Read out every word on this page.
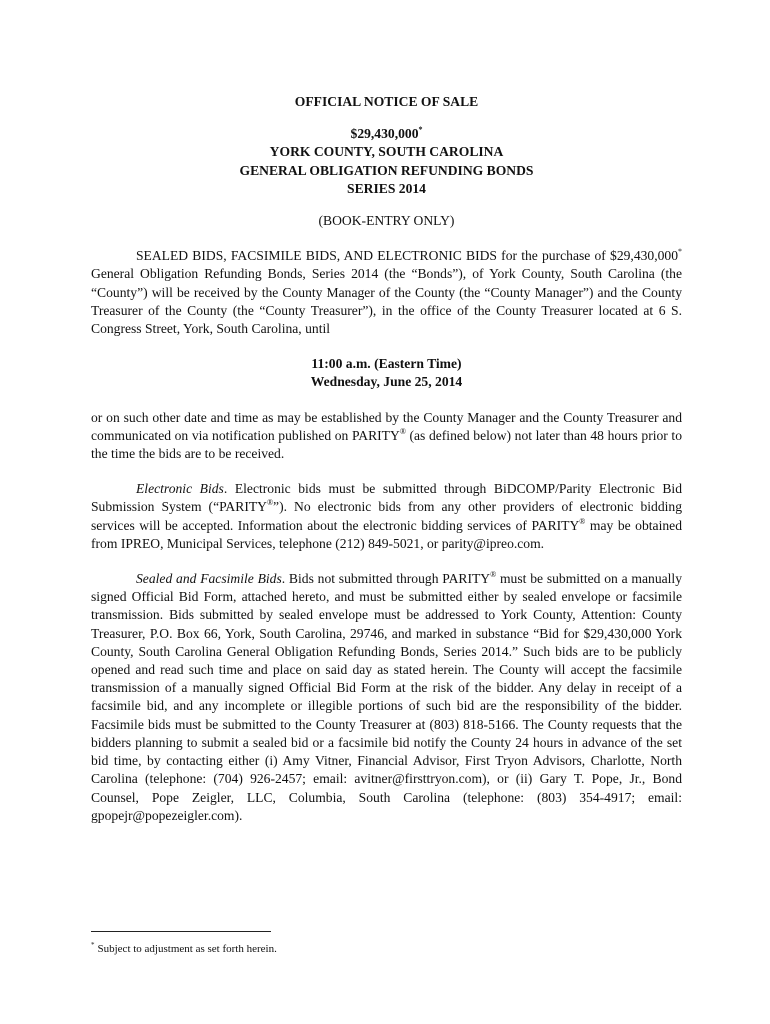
OFFICIAL NOTICE OF SALE
$29,430,000*
YORK COUNTY, SOUTH CAROLINA
GENERAL OBLIGATION REFUNDING BONDS
SERIES 2014
(BOOK-ENTRY ONLY)

SEALED BIDS, FACSIMILE BIDS, AND ELECTRONIC BIDS for the purchase of $29,430,000* General Obligation Refunding Bonds, Series 2014 (the “Bonds”), of York County, South Carolina (the “County”) will be received by the County Manager of the County (the “County Manager”) and the County Treasurer of the County (the “County Treasurer”), in the office of the County Treasurer located at 6 S. Congress Street, York, South Carolina, until

11:00 a.m. (Eastern Time)
Wednesday, June 25, 2014

or on such other date and time as may be established by the County Manager and the County Treasurer and communicated on via notification published on PARITY® (as defined below) not later than 48 hours prior to the time the bids are to be received.

Electronic Bids. Electronic bids must be submitted through BiDCOMP/Parity Electronic Bid Submission System (“PARITY®”). No electronic bids from any other providers of electronic bidding services will be accepted. Information about the electronic bidding services of PARITY® may be obtained from IPREO, Municipal Services, telephone (212) 849-5021, or parity@ipreo.com.

Sealed and Facsimile Bids. Bids not submitted through PARITY® must be submitted on a manually signed Official Bid Form, attached hereto, and must be submitted either by sealed envelope or facsimile transmission. Bids submitted by sealed envelope must be addressed to York County, Attention: County Treasurer, P.O. Box 66, York, South Carolina, 29746, and marked in substance “Bid for $29,430,000 York County, South Carolina General Obligation Refunding Bonds, Series 2014.” Such bids are to be publicly opened and read such time and place on said day as stated herein. The County will accept the facsimile transmission of a manually signed Official Bid Form at the risk of the bidder. Any delay in receipt of a facsimile bid, and any incomplete or illegible portions of such bid are the responsibility of the bidder. Facsimile bids must be submitted to the County Treasurer at (803) 818-5166. The County requests that the bidders planning to submit a sealed bid or a facsimile bid notify the County 24 hours in advance of the set bid time, by contacting either (i) Amy Vitner, Financial Advisor, First Tryon Advisors, Charlotte, North Carolina (telephone: (704) 926-2457; email: avitner@firsttryon.com), or (ii) Gary T. Pope, Jr., Bond Counsel, Pope Zeigler, LLC, Columbia, South Carolina (telephone: (803) 354-4917; email: gpopejr@popezeigler.com).

* Subject to adjustment as set forth herein.
